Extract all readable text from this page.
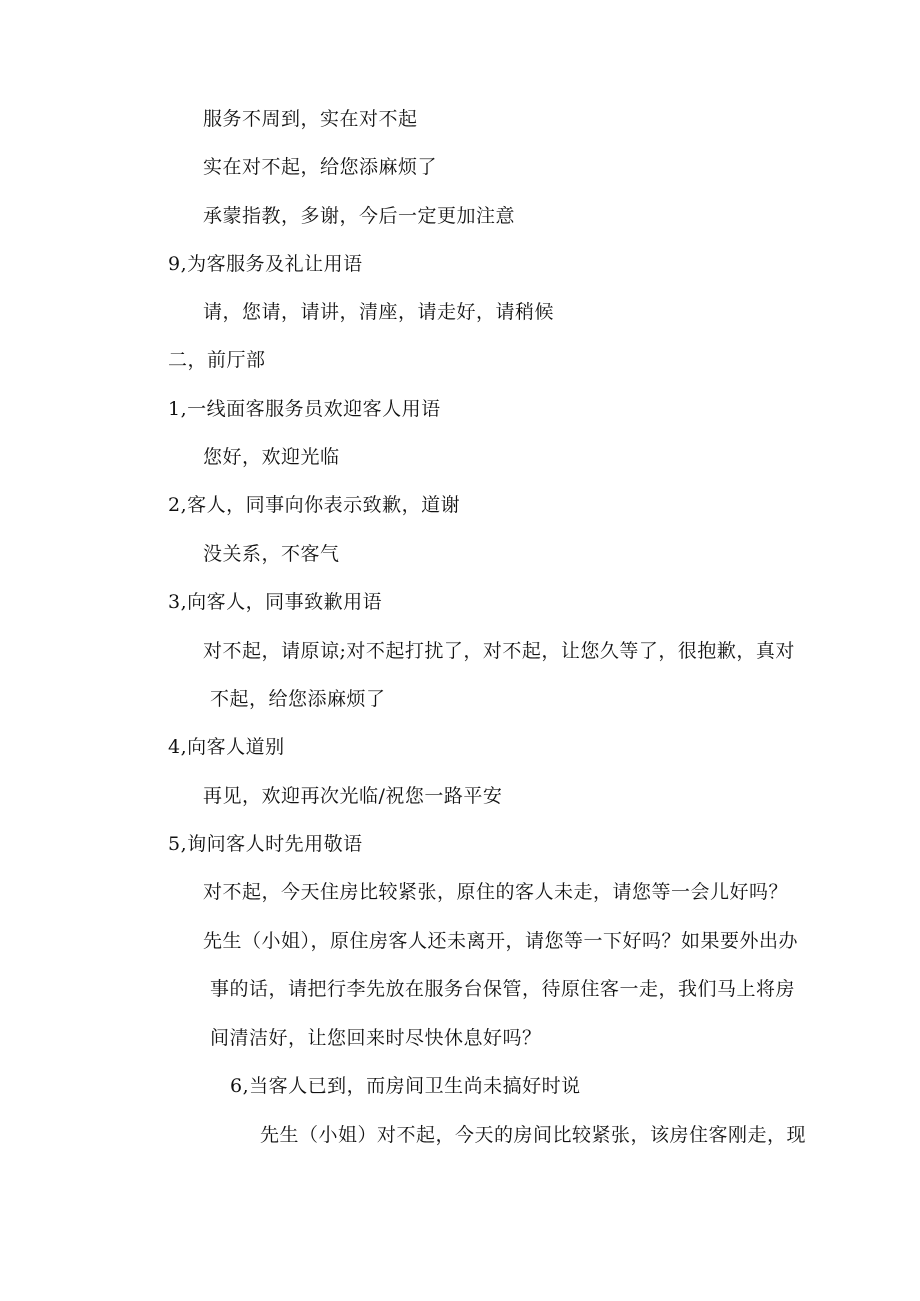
服务不周到，实在对不起

实在对不起，给您添麻烦了

承蒙指教，多谢，今后一定更加注意

9,为客服务及礼让用语

请，您请，请讲，清座，请走好，请稍候

二，前厅部

1,一线面客服务员欢迎客人用语

您好，欢迎光临

2,客人，同事向你表示致歉，道谢

没关系，不客气

3,向客人，同事致歉用语

对不起，请原谅;对不起打扰了，对不起，让您久等了，很抱歉，真对

不起，给您添麻烦了

4,向客人道别

再见，欢迎再次光临/祝您一路平安

5,询问客人时先用敬语

对不起，今天住房比较紧张，原住的客人未走，请您等一会儿好吗？

先生（小姐），原住房客人还未离开，请您等一下好吗？如果要外出办

事的话，请把行李先放在服务台保管，待原住客一走，我们马上将房

间清洁好，让您回来时尽快休息好吗？

6,当客人已到，而房间卫生尚未搞好时说

先生（小姐）对不起，今天的房间比较紧张，该房住客刚走，现
